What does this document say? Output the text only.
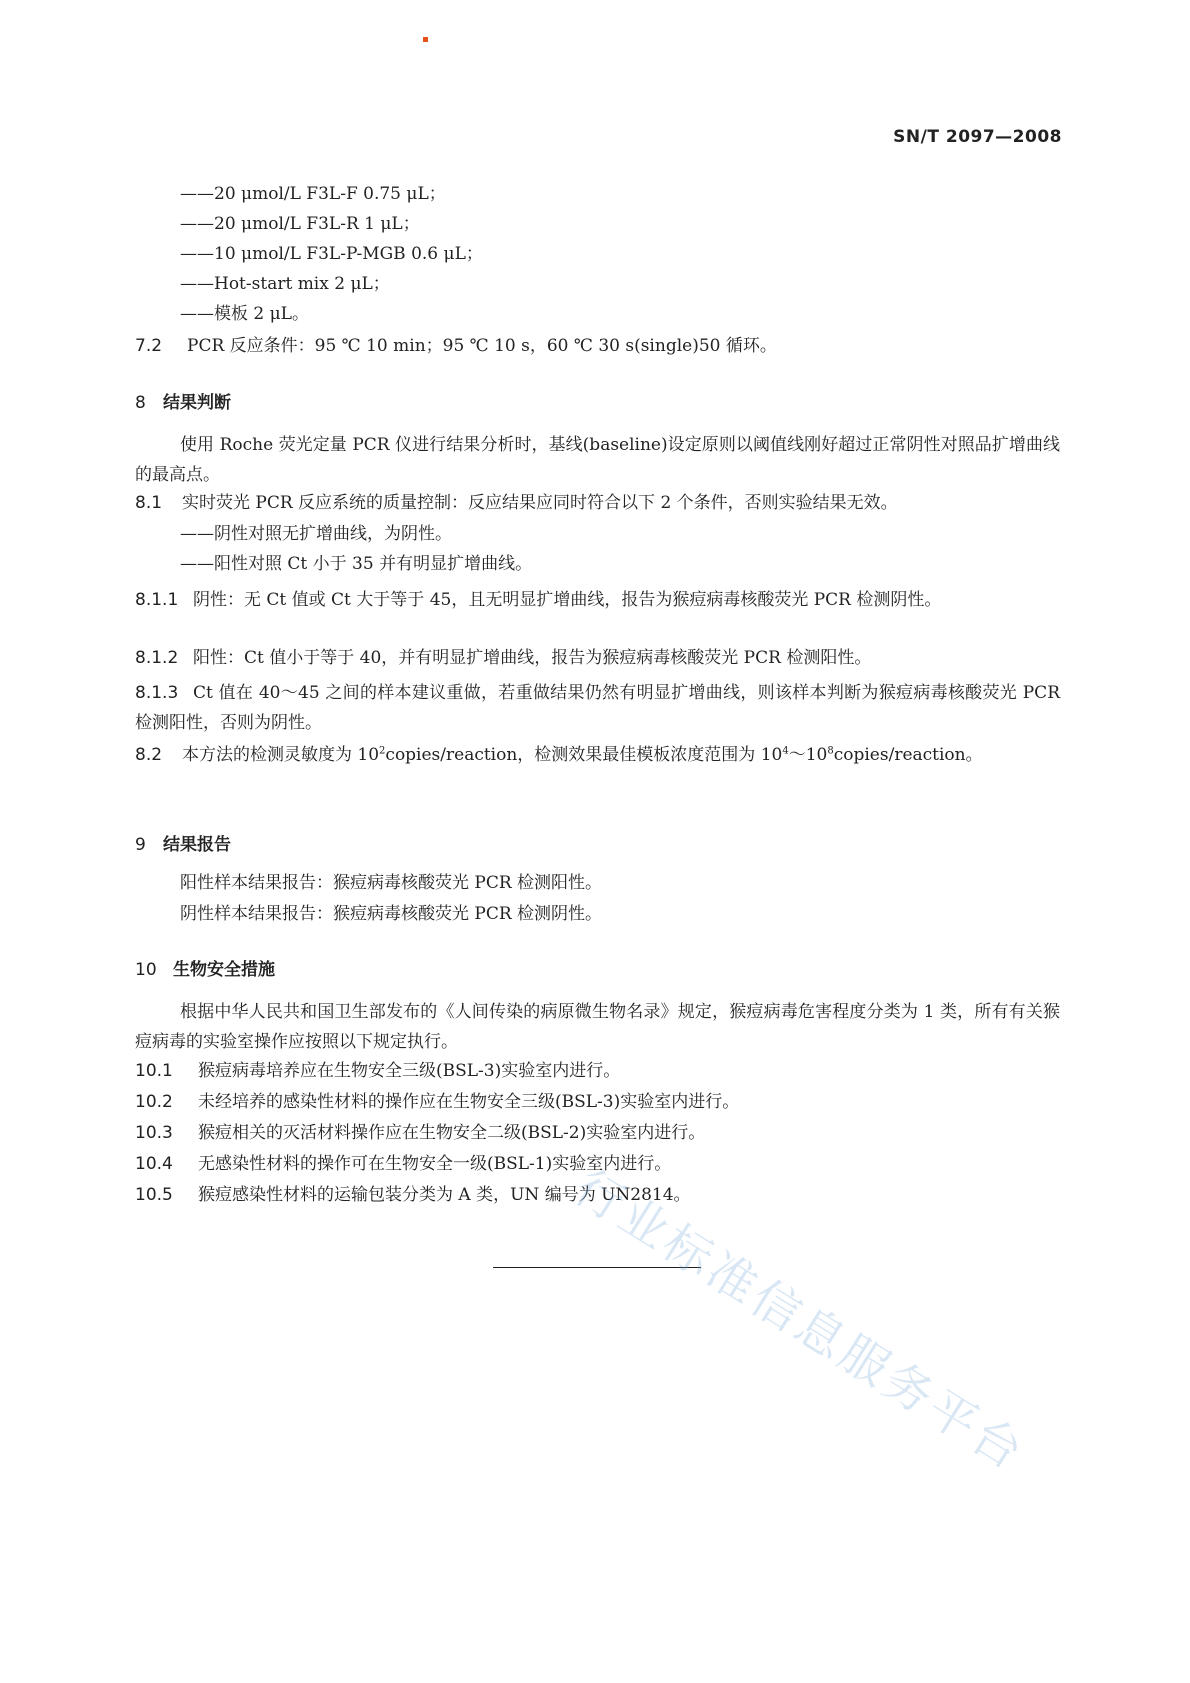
SN/T 2097—2008
——20 μmol/L F3L-F 0.75 μL；
——20 μmol/L F3L-R 1 μL；
——10 μmol/L F3L-P-MGB 0.6 μL；
——Hot-start mix 2 μL；
——模板 2 μL。
7.2 PCR 反应条件：95 ℃ 10 min；95 ℃ 10 s，60 ℃ 30 s(single)50 循环。
8 结果判断
使用 Roche 荧光定量 PCR 仪进行结果分析时，基线(baseline)设定原则以阈值线刚好超过正常阴性对照品扩增曲线的最高点。
8.1 实时荧光 PCR 反应系统的质量控制：反应结果应同时符合以下 2 个条件，否则实验结果无效。
——阴性对照无扩增曲线，为阴性。
——阳性对照 Ct 小于 35 并有明显扩增曲线。
8.1.1 阴性：无 Ct 值或 Ct 大于等于 45，且无明显扩增曲线，报告为猴痘病毒核酸荧光 PCR 检测阴性。
8.1.2 阳性：Ct 值小于等于 40，并有明显扩增曲线，报告为猴痘病毒核酸荧光 PCR 检测阳性。
8.1.3 Ct 值在 40～45 之间的样本建议重做，若重做结果仍然有明显扩增曲线，则该样本判断为猴痘病毒核酸荧光 PCR 检测阳性，否则为阴性。
8.2 本方法的检测灵敏度为 $10^2copies$/reaction，检测效果最佳模板浓度范围为 $10^4\sim 10^8copies$/reaction。
9 结果报告
阳性样本结果报告：猴痘病毒核酸荧光 PCR 检测阳性。
阴性样本结果报告：猴痘病毒核酸荧光 PCR 检测阴性。
10 生物安全措施
根据中华人民共和国卫生部发布的《人间传染的病原微生物名录》规定，猴痘病毒危害程度分类为 1 类，所有有关猴痘病毒的实验室操作应按照以下规定执行。
10.1 猴痘病毒培养应在生物安全三级(BSL-3)实验室内进行。
10.2 未经培养的感染性材料的操作应在生物安全三级(BSL-3)实验室内进行。
10.3 猴痘相关的灭活材料操作应在生物安全二级(BSL-2)实验室内进行。
10.4 无感染性材料的操作可在生物安全一级(BSL-1)实验室内进行。
10.5 猴痘感染性材料的运输包装分类为 A 类，UN 编号为 UN2814。
行业标准信息服务平台
